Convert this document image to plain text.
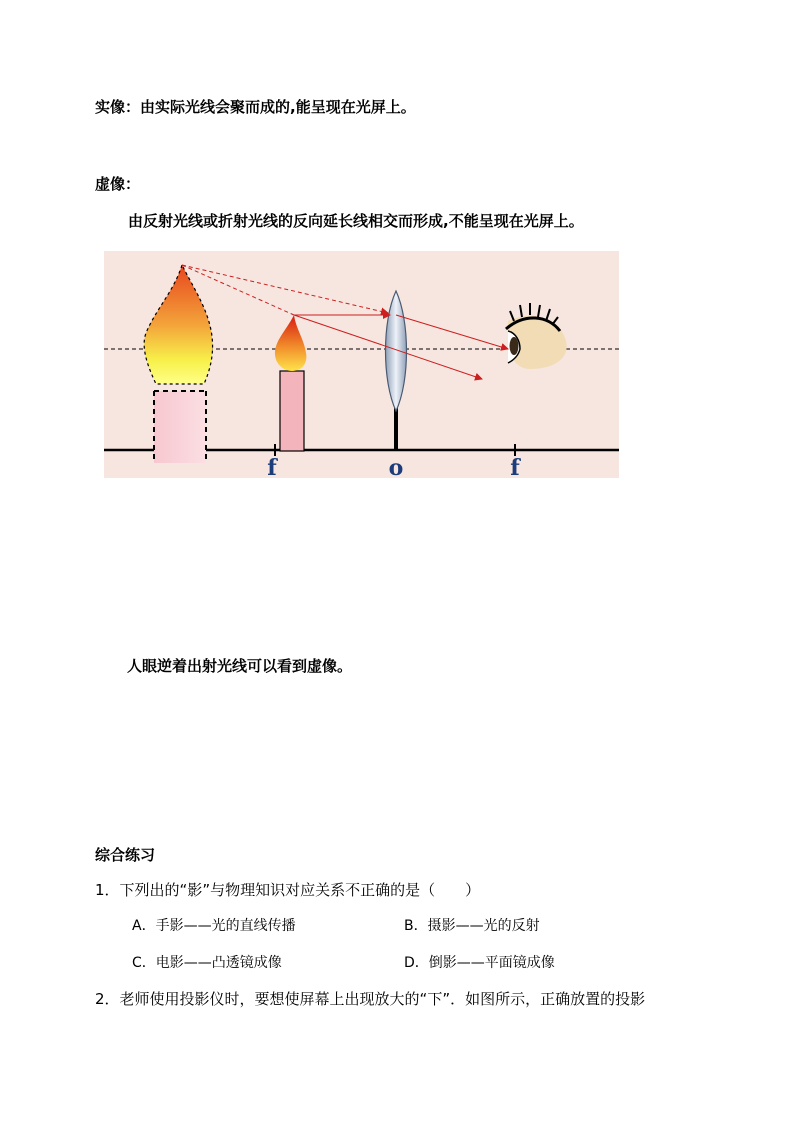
实像：由实际光线会聚而成的,能呈现在光屏上。
虚像：
由反射光线或折射光线的反向延长线相交而形成,不能呈现在光屏上。
f	o	f
人眼逆着出射光线可以看到虚像。
综合练习
1．下列出的“影”与物理知识对应关系不正确的是（　　）
A．手影——光的直线传播	B．摄影——光的反射
C．电影——凸透镜成像	D．倒影——平面镜成像
2．老师使用投影仪时，要想使屏幕上出现放大的“下”．如图所示，正确放置的投影
